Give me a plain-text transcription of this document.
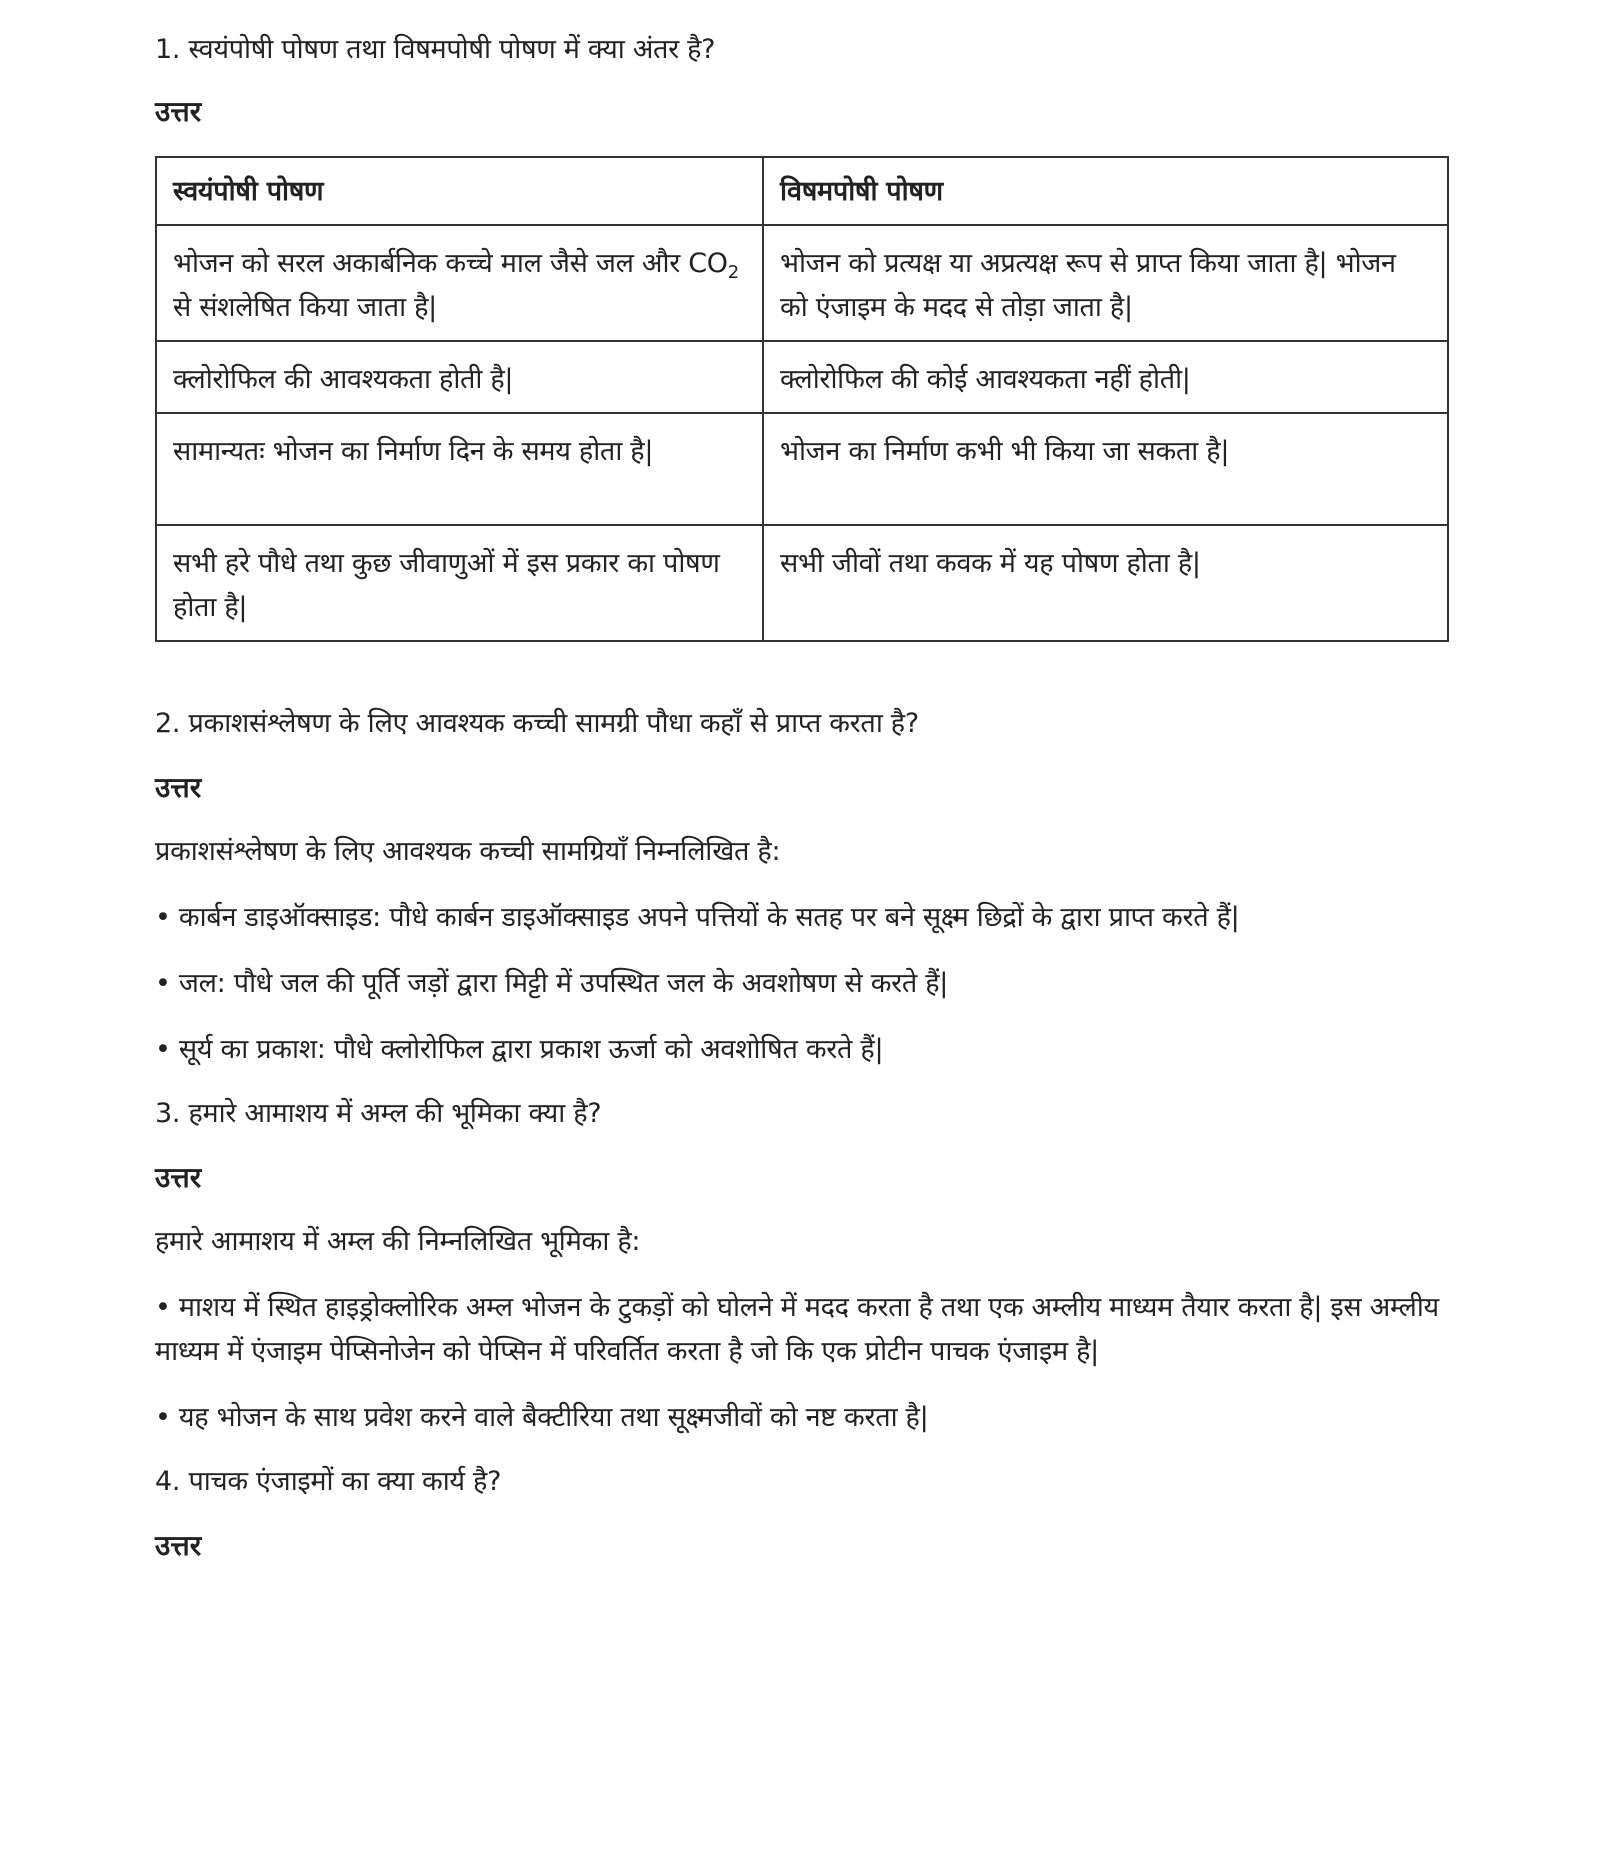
1. स्वयंपोषी पोषण तथा विषमपोषी पोषण में क्या अंतर है?

उत्तर

स्वयंपोषी पोषण	विषमपोषी पोषण
भोजन को सरल अकार्बनिक कच्चे माल जैसे जल और $CO_2$ से संशलेषित किया जाता है|	भोजन को प्रत्यक्ष या अप्रत्यक्ष रूप से प्राप्त किया जाता है| भोजन को एंजाइम के मदद से तोड़ा जाता है|
क्लोरोफिल की आवश्यकता होती है|	क्लोरोफिल की कोई आवश्यकता नहीं होती|
सामान्यतः भोजन का निर्माण दिन के समय होता है|	भोजन का निर्माण कभी भी किया जा सकता है|
सभी हरे पौधे तथा कुछ जीवाणुओं में इस प्रकार का पोषण होता है|	सभी जीवों तथा कवक में यह पोषण होता है|

2. प्रकाशसंश्लेषण के लिए आवश्यक कच्ची सामग्री पौधा कहाँ से प्राप्त करता है?

उत्तर

प्रकाशसंश्लेषण के लिए आवश्यक कच्ची सामग्रियाँ निम्नलिखित है:

• कार्बन डाइऑक्साइड: पौधे कार्बन डाइऑक्साइड अपने पत्तियों के सतह पर बने सूक्ष्म छिद्रों के द्वारा प्राप्त करते हैं|

• जल: पौधे जल की पूर्ति जड़ों द्वारा मिट्टी में उपस्थित जल के अवशोषण से करते हैं|

• सूर्य का प्रकाश: पौधे क्लोरोफिल द्वारा प्रकाश ऊर्जा को अवशोषित करते हैं|

3. हमारे आमाशय में अम्ल की भूमिका क्या है?

उत्तर

हमारे आमाशय में अम्ल की निम्नलिखित भूमिका है:

• माशय में स्थित हाइड्रोक्लोरिक अम्ल भोजन के टुकड़ों को घोलने में मदद करता है तथा एक अम्लीय माध्यम तैयार करता है| इस अम्लीय माध्यम में एंजाइम पेप्सिनोजेन को पेप्सिन में परिवर्तित करता है जो कि एक प्रोटीन पाचक एंजाइम है|

• यह भोजन के साथ प्रवेश करने वाले बैक्टीरिया तथा सूक्ष्मजीवों को नष्ट करता है|

4. पाचक एंजाइमों का क्या कार्य है?

उत्तर
